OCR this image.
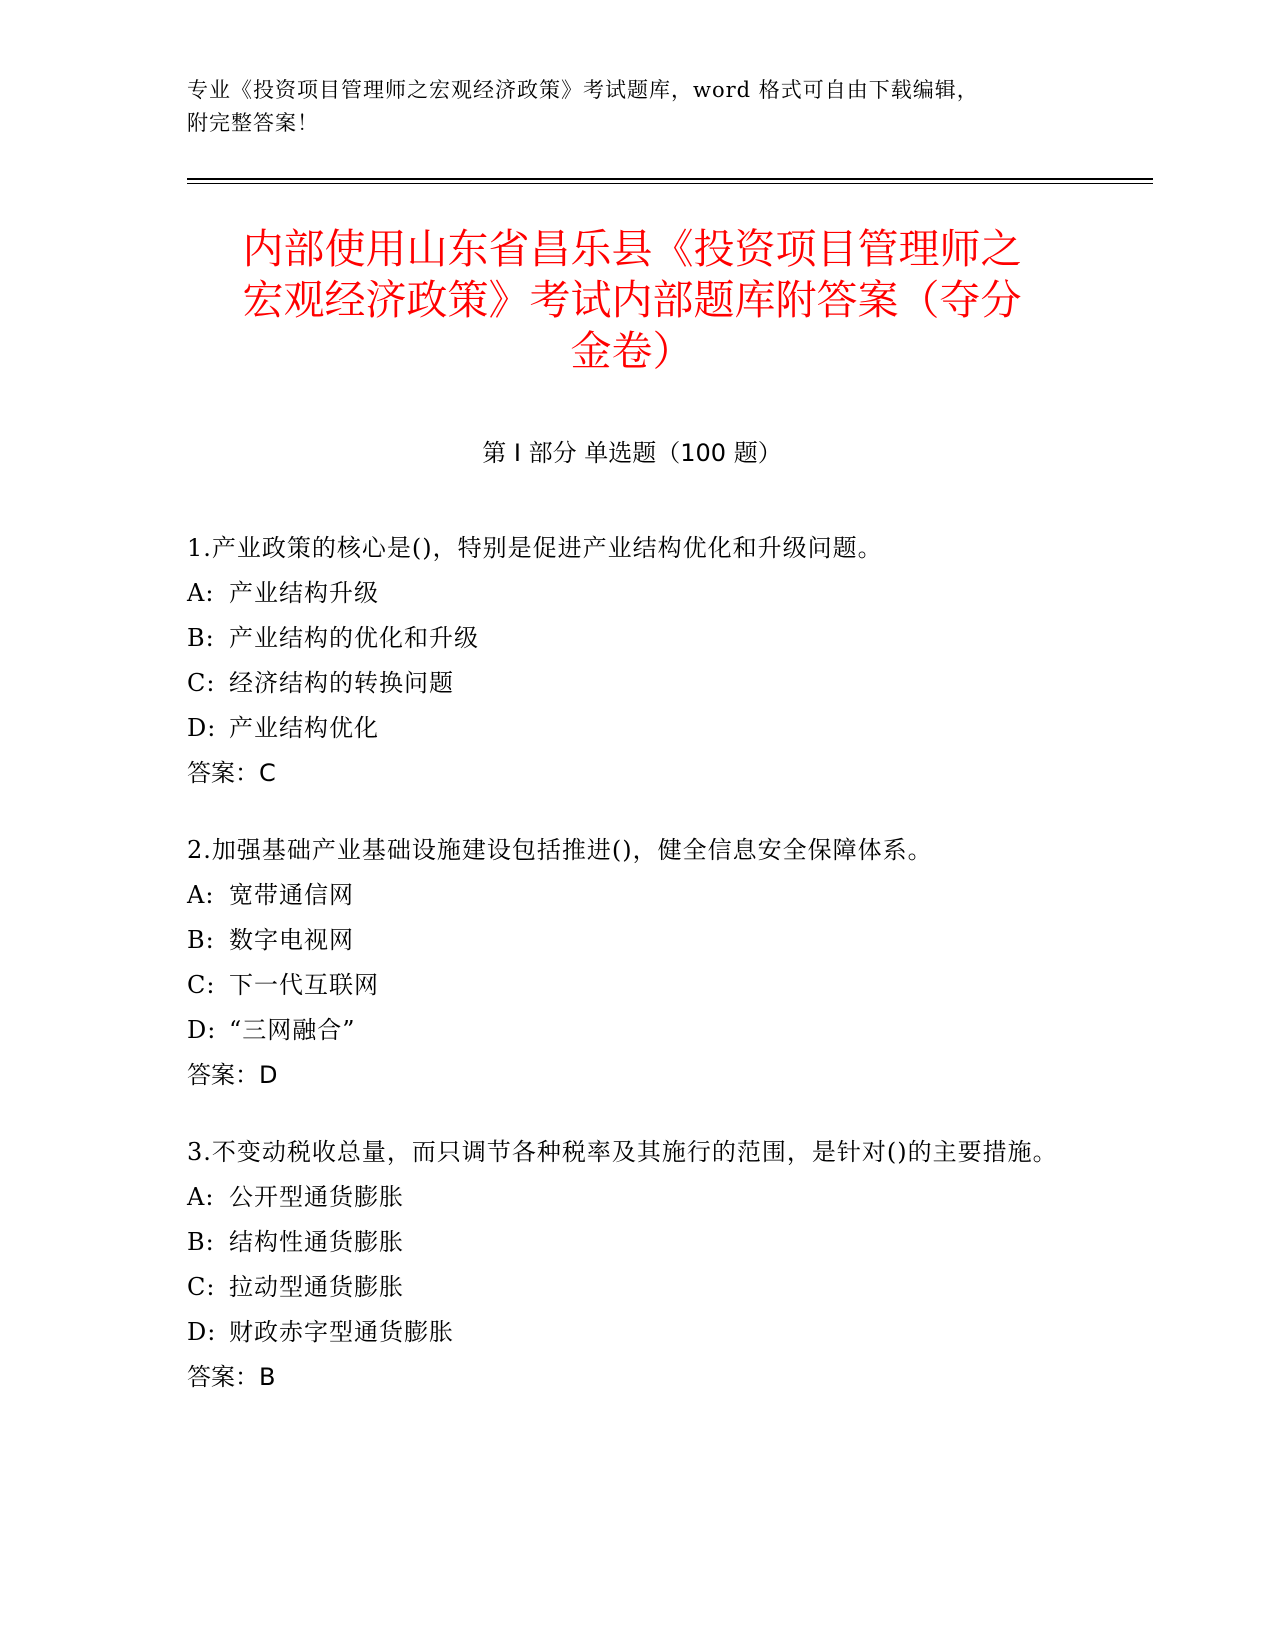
专业《投资项目管理师之宏观经济政策》考试题库，word 格式可自由下载编辑，
附完整答案！
内部使用山东省昌乐县《投资项目管理师之
宏观经济政策》考试内部题库附答案（夺分
金卷）
第 I 部分 单选题（100 题）
1.产业政策的核心是()，特别是促进产业结构优化和升级问题。
A: 产业结构升级
B: 产业结构的优化和升级
C: 经济结构的转换问题
D: 产业结构优化
答案：C
2.加强基础产业基础设施建设包括推进()，健全信息安全保障体系。
A: 宽带通信网
B: 数字电视网
C: 下一代互联网
D: “三网融合”
答案：D
3.不变动税收总量，而只调节各种税率及其施行的范围，是针对()的主要措施。
A: 公开型通货膨胀
B: 结构性通货膨胀
C: 拉动型通货膨胀
D: 财政赤字型通货膨胀
答案：B
